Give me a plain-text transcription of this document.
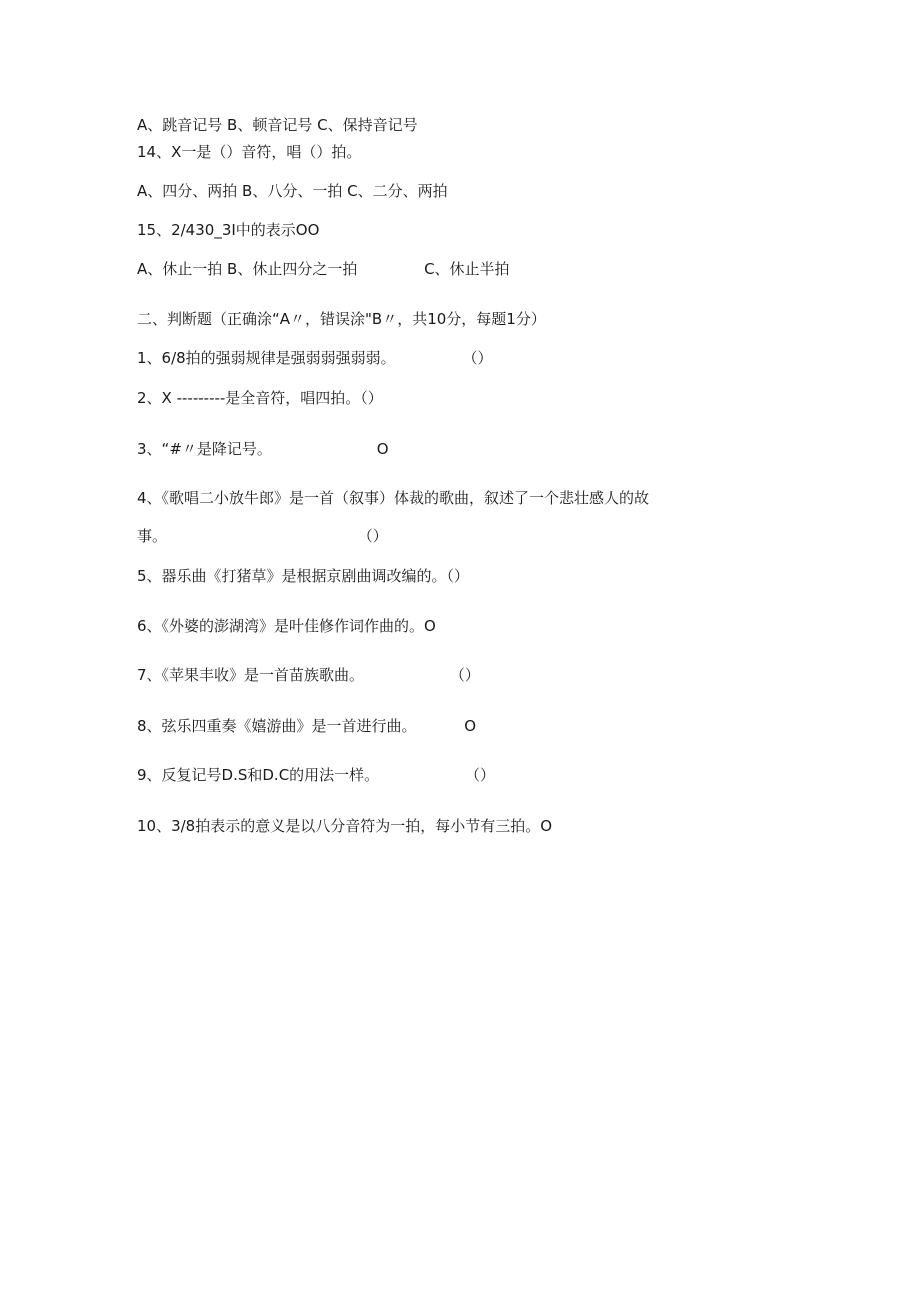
A、跳音记号 B、顿音记号 C、保持音记号
14、X一是（）音符，唱（）拍。
A、四分、两拍 B、八分、一拍 C、二分、两拍
15、2/430_3I中的表示OO
A、休止一拍 B、休止四分之一拍              C、休止半拍
二、判断题（正确涂“A〃，错误涂"B〃，共10分，每题1分）
1、6/8拍的强弱规律是强弱弱强弱弱。              （）
2、X ---------是全音符，唱四拍。（）
3、“#〃是降记号。                      O
4、《歌唱二小放牛郎》是一首（叙事）体裁的歌曲，叙述了一个悲壮感人的故
事。                                        （）
5、器乐曲《打猪草》是根据京剧曲调改编的。（）
6、《外婆的澎湖湾》是叶佳修作词作曲的。O
7、《苹果丰收》是一首苗族歌曲。                  （）
8、弦乐四重奏《嬉游曲》是一首进行曲。          O
9、反复记号D.S和D.C的用法一样。                  （）
10、3/8拍表示的意义是以八分音符为一拍，每小节有三拍。O
